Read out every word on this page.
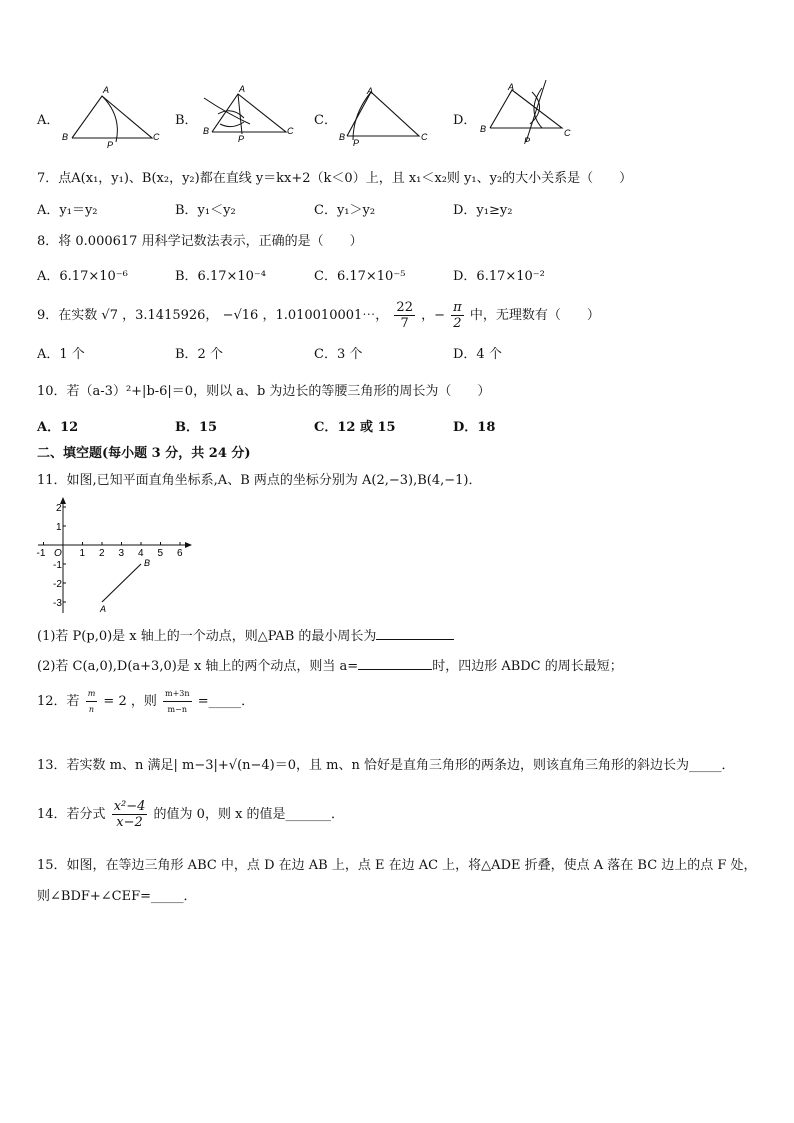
A．
A
B	C
P
B．
A
B	C
P
C．
A
B	C
P
D．
A
B	C
P
7．点A(x₁，y₁)、B(x₂，y₂)都在直线 y＝kx+2（k＜0）上，且 x₁＜x₂则 y₁、y₂的大小关系是（　　）
A．y₁＝y₂	B．y₁＜y₂	C．y₁＞y₂	D．y₁≥y₂
8．将 0.000617 用科学记数法表示，正确的是（　　）
A．6.17×10⁻⁶	B．6.17×10⁻⁴	C．6.17×10⁻⁵	D．6.17×10⁻²
9．在实数 √7 ，3.1415926， −√16 ，1.010010001⋯， $\frac{22}{7}$ ，− $\frac{\pi}{2}$ 中，无理数有（　　）
A．1 个	B．2 个	C．3 个	D．4 个
10．若（a-3）²+|b-6|＝0，则以 a、b 为边长的等腰三角形的周长为（　　）
A．12	B．15	C．12 或 15	D．18
二、填空题(每小题 3 分，共 24 分)
11．如图,已知平面直角坐标系,A、B 两点的坐标分别为 A(2,−3),B(4,−1)．
-1	1 2 3 4 5 6
2
1
-1
-2
-3
O
A
B
(1)若 P(p,0)是 x 轴上的一个动点，则△PAB 的最小周长为
(2)若 C(a,0),D(a+3,0)是 x 轴上的两个动点，则当 a=	时，四边形 ABDC 的周长最短；
12．若 $\frac{m}{n} = 2$ ，则 $\frac{m+3n}{m-n}$ =_____．
13．若实数 m、n 满足| m−3|+√(n−4)＝0，且 m、n 恰好是直角三角形的两条边，则该直角三角形的斜边长为_____．
14．若分式 $\frac{\text{x²−4}}{x-2}$ 的值为 0，则 x 的值是_______．
15．如图，在等边三角形 ABC 中，点 D 在边 AB 上，点 E 在边 AC 上，将△ADE 折叠，使点 A 落在 BC 边上的点 F 处，
则∠BDF+∠CEF=_____．
